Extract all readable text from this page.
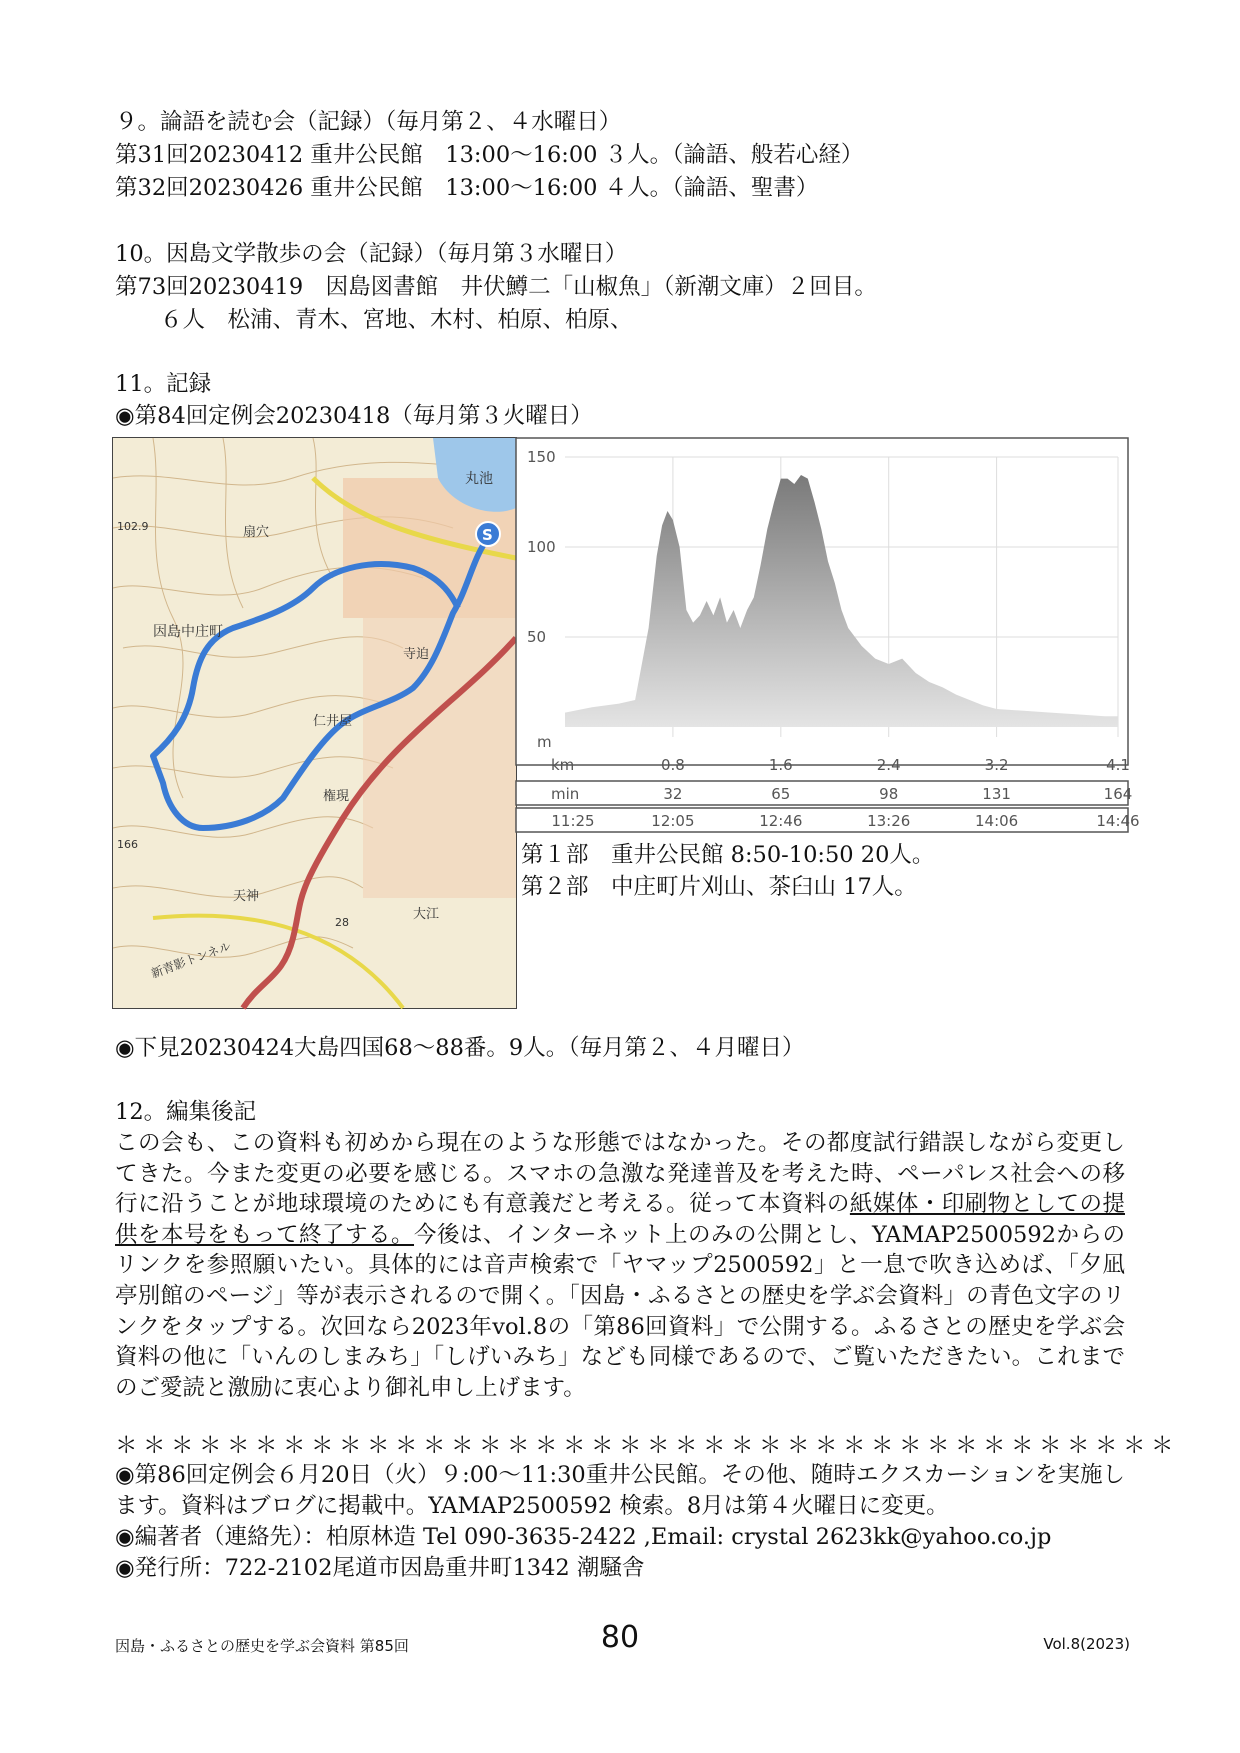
９。論語を読む会（記録）（毎月第２、４水曜日）
第31回20230412 重井公民館　13:00〜16:00 ３人。（論語、般若心経）
第32回20230426 重井公民館　13:00〜16:00 ４人。（論語、聖書）
10。因島文学散歩の会（記録）（毎月第３水曜日）
第73回20230419　因島図書館　井伏鱒二「山椒魚」（新潮文庫）２回目。
　　６人　松浦、青木、宮地、木村、柏原、柏原、
11。記録
◉第84回定例会20230418（毎月第３火曜日）
丸池
S
因島中庄町
扇穴
仁井屋
権現
天神
大江
寺迫
新青影トンネル
102.9
166
28
150
100
50
0.8	1.6	2.4	3.2	4.1
m
km
min	32	65	98	131	164
11:25	12:05	12:46	13:26	14:06	14:46
第１部　重井公民館 8:50-10:50 20人。
第２部　中庄町片刈山、茶臼山 17人。
◉下見20230424大島四国68〜88番。9人。（毎月第２、４月曜日）
12。編集後記
この会も、この資料も初めから現在のような形態ではなかった。その都度試行錯誤しながら変更してきた。今また変更の必要を感じる。スマホの急激な発達普及を考えた時、ペーパレス社会への移行に沿うことが地球環境のためにも有意義だと考える。従って本資料の紙媒体・印刷物としての提供を本号をもって終了する。今後は、インターネット上のみの公開とし、YAMAP2500592からのリンクを参照願いたい。具体的には音声検索で「ヤマップ2500592」と一息で吹き込めば、「夕凪亭別館のページ」等が表示されるので開く。「因島・ふるさとの歴史を学ぶ会資料」の青色文字のリンクをタップする。次回なら2023年vol.8の「第86回資料」で公開する。ふるさとの歴史を学ぶ会資料の他に「いんのしまみち」「しげいみち」なども同様であるので、ご覧いただきたい。これまでのご愛読と激励に衷心より御礼申し上げます。
＊＊＊＊＊＊＊＊＊＊＊＊＊＊＊＊＊＊＊＊＊＊＊＊＊＊＊＊＊＊＊＊＊＊＊＊＊＊
◉第86回定例会６月20日（火）９:00〜11:30重井公民館。その他、随時エクスカーションを実施します。資料はブログに掲載中。YAMAP2500592 検索。8月は第４火曜日に変更。
◉編著者（連絡先）：柏原林造 Tel 090-3635-2422 ,Email: crystal 2623kk@yahoo.co.jp
◉発行所：722-2102尾道市因島重井町1342 潮騒舎
因島・ふるさとの歴史を学ぶ会資料 第85回	80	Vol.8(2023)
